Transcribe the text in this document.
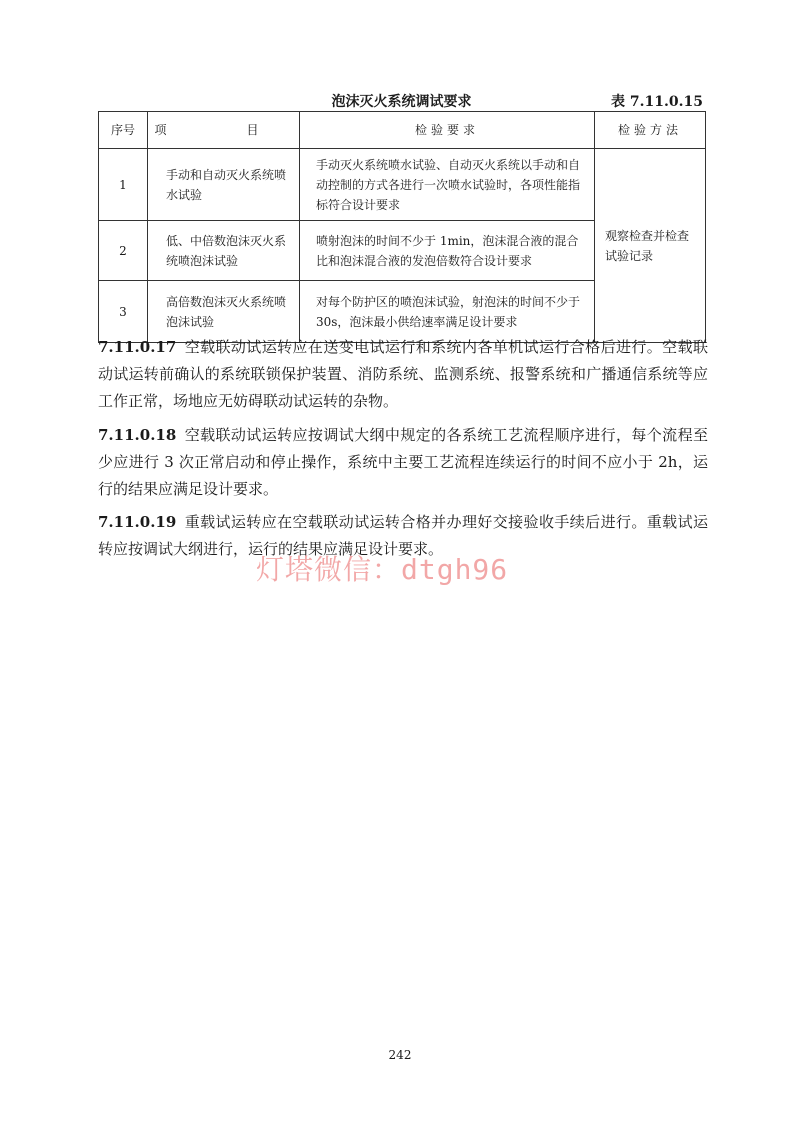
泡沫灭火系统调试要求	表 7.11.0.15
序号	项　目	检验要求	检验方法
1	手动和自动灭火系统喷水试验	手动灭火系统喷水试验、自动灭火系统以手动和自动控制的方式各进行一次喷水试验时，各项性能指标符合设计要求	观察检查并检查试验记录
2	低、中倍数泡沫灭火系统喷泡沫试验	喷射泡沫的时间不少于 1min，泡沫混合液的混合比和泡沫混合液的发泡倍数符合设计要求	
3	高倍数泡沫灭火系统喷泡沫试验	对每个防护区的喷泡沫试验，射泡沫的时间不少于 30s，泡沫最小供给速率满足设计要求	
7.11.0.17 空载联动试运转应在送变电试运行和系统内各单机试运行合格后进行。空载联动试运转前确认的系统联锁保护装置、消防系统、监测系统、报警系统和广播通信系统等应工作正常，场地应无妨碍联动试运转的杂物。
7.11.0.18 空载联动试运转应按调试大纲中规定的各系统工艺流程顺序进行，每个流程至少应进行 3 次正常启动和停止操作，系统中主要工艺流程连续运行的时间不应小于 2h，运行的结果应满足设计要求。
7.11.0.19 重载试运转应在空载联动试运转合格并办理好交接验收手续后进行。重载试运转应按调试大纲进行，运行的结果应满足设计要求。
灯塔微信：dtgh96
242
